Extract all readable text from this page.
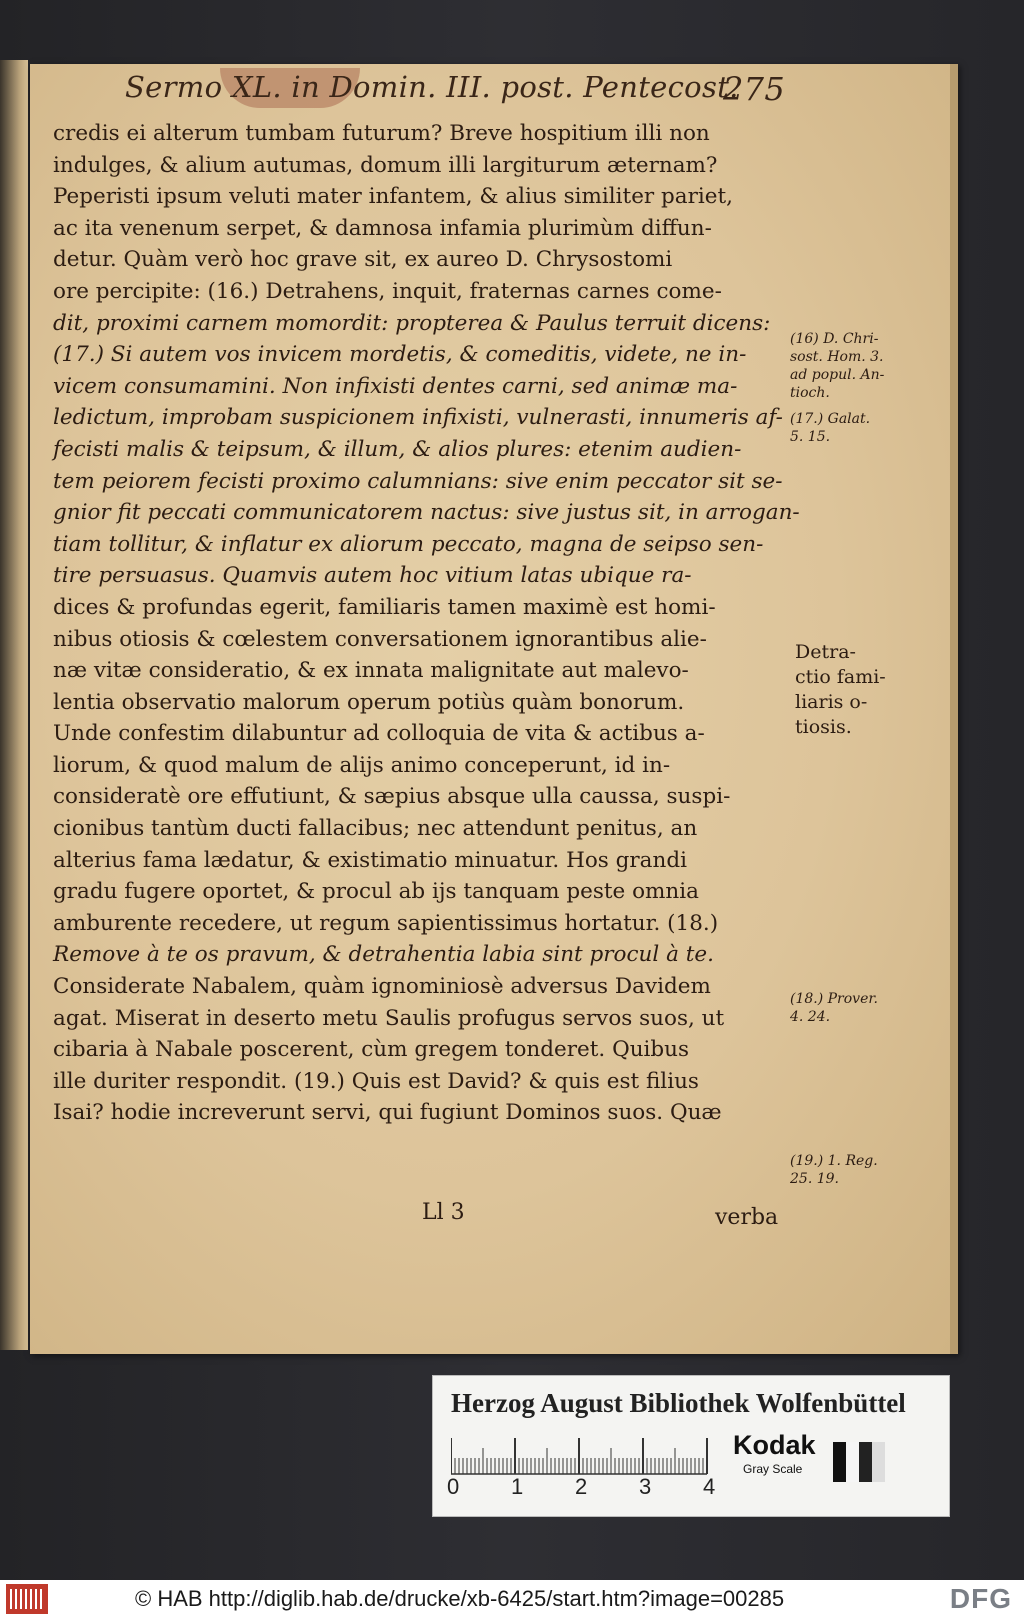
Sermo XL. in Domin. III. post. Pentecost.
275
credis ei alterum tumbam futurum? Breve hospitium illi non
indulges, & alium autumas, domum illi largiturum æternam?
Peperisti ipsum veluti mater infantem, & alius similiter pariet,
ac ita venenum serpet, & damnosa infamia plurimùm diffun-
detur. Quàm verò hoc grave sit, ex aureo D. Chrysostomi
ore percipite: (16.) Detrahens, inquit, fraternas carnes come-
dit, proximi carnem momordit: propterea & Paulus terruit dicens:
(17.) Si autem vos invicem mordetis, & comeditis, videte, ne in-
vicem consumamini. Non infixisti dentes carni, sed animæ ma-
ledictum, improbam suspicionem infixisti, vulnerasti, innumeris af-
fecisti malis & teipsum, & illum, & alios plures: etenim audien-
tem peiorem fecisti proximo calumnians: sive enim peccator sit se-
gnior fit peccati communicatorem nactus: sive justus sit, in arrogan-
tiam tollitur, & inflatur ex aliorum peccato, magna de seipso sen-
tire persuasus. Quamvis autem hoc vitium latas ubique ra-
dices & profundas egerit, familiaris tamen maximè est homi-
nibus otiosis & cœlestem conversationem ignorantibus alie-
næ vitæ consideratio, & ex innata malignitate aut malevo-
lentia observatio malorum operum potiùs quàm bonorum.
Unde confestim dilabuntur ad colloquia de vita & actibus a-
liorum, & quod malum de alijs animo conceperunt, id in-
consideratè ore effutiunt, & sæpius absque ulla caussa, suspi-
cionibus tantùm ducti fallacibus; nec attendunt penitus, an
alterius fama lædatur, & existimatio minuatur. Hos grandi
gradu fugere oportet, & procul ab ijs tanquam peste omnia
amburente recedere, ut regum sapientissimus hortatur. (18.)
Remove à te os pravum, & detrahentia labia sint procul à te.
Considerate Nabalem, quàm ignominiosè adversus Davidem
agat. Miserat in deserto metu Saulis profugus servos suos, ut
cibaria à Nabale poscerent, cùm gregem tonderet. Quibus
ille duriter respondit. (19.) Quis est David? & quis est filius
Isai? hodie increverunt servi, qui fugiunt Dominos suos. Quæ
(16) D. Chri-
sost. Hom. 3.
ad popul. An-
tioch.
(17.) Galat.
5. 15.
Detra-
ctio fami-
liaris o-
tiosis.
(18.) Prover.
4. 24.
(19.) 1. Reg.
25. 19.
Ll 3	verba
Herzog August Bibliothek Wolfenbüttel
0 1 2 3 4
Kodak
Gray Scale
© HAB http://diglib.hab.de/drucke/xb-6425/start.htm?image=00285	DFG
